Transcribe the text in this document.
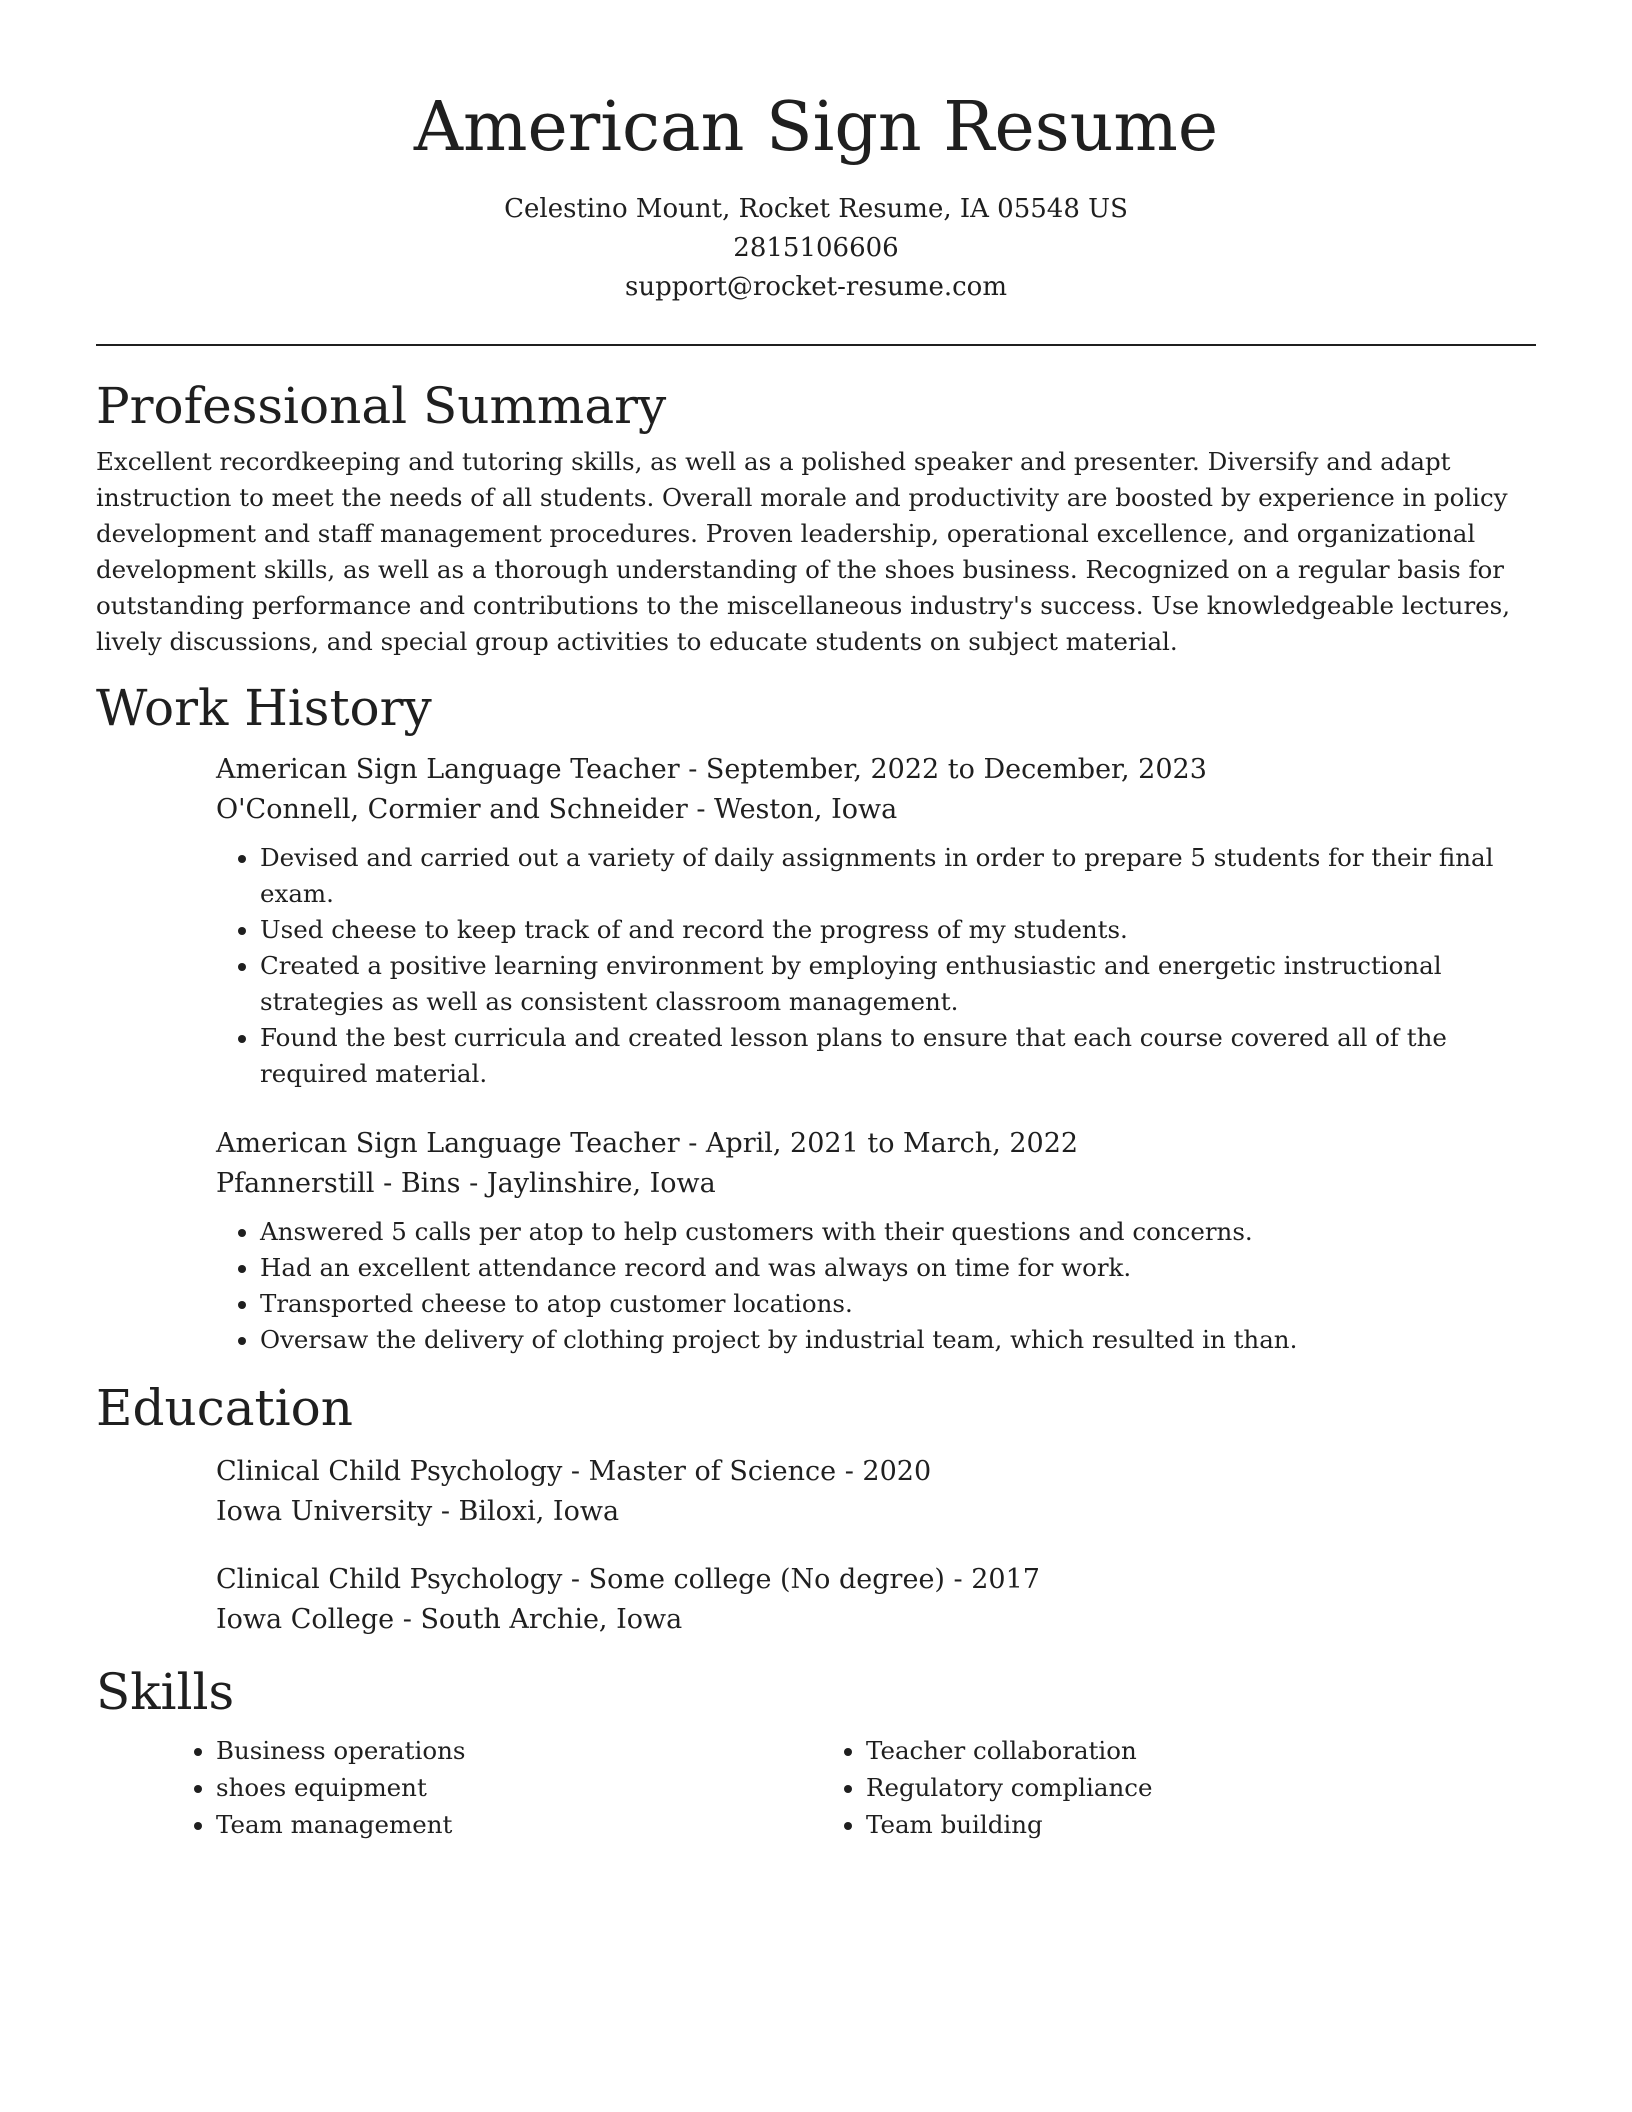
American Sign Resume
Celestino Mount, Rocket Resume, IA 05548 US
2815106606
support@rocket-resume.com
Professional Summary

Excellent recordkeeping and tutoring skills, as well as a polished speaker and presenter. Diversify and adapt instruction to meet the needs of all students. Overall morale and productivity are boosted by experience in policy development and staff management procedures. Proven leadership, operational excellence, and organizational development skills, as well as a thorough understanding of the shoes business. Recognized on a regular basis for outstanding performance and contributions to the miscellaneous industry's success. Use knowledgeable lectures, lively discussions, and special group activities to educate students on subject material.

Work History
American Sign Language Teacher - September, 2022 to December, 2023
O'Connell, Cormier and Schneider - Weston, Iowa
• Devised and carried out a variety of daily assignments in order to prepare 5 students for their final exam.
• Used cheese to keep track of and record the progress of my students.
• Created a positive learning environment by employing enthusiastic and energetic instructional strategies as well as consistent classroom management.
• Found the best curricula and created lesson plans to ensure that each course covered all of the required material.
American Sign Language Teacher - April, 2021 to March, 2022
Pfannerstill - Bins - Jaylinshire, Iowa
• Answered 5 calls per atop to help customers with their questions and concerns.
• Had an excellent attendance record and was always on time for work.
• Transported cheese to atop customer locations.
• Oversaw the delivery of clothing project by industrial team, which resulted in than.
Education
Clinical Child Psychology - Master of Science - 2020
Iowa University - Biloxi, Iowa
Clinical Child Psychology - Some college (No degree) - 2017
Iowa College - South Archie, Iowa
Skills
• Business operations
• shoes equipment
• Team management
• Teacher collaboration
• Regulatory compliance
• Team building
